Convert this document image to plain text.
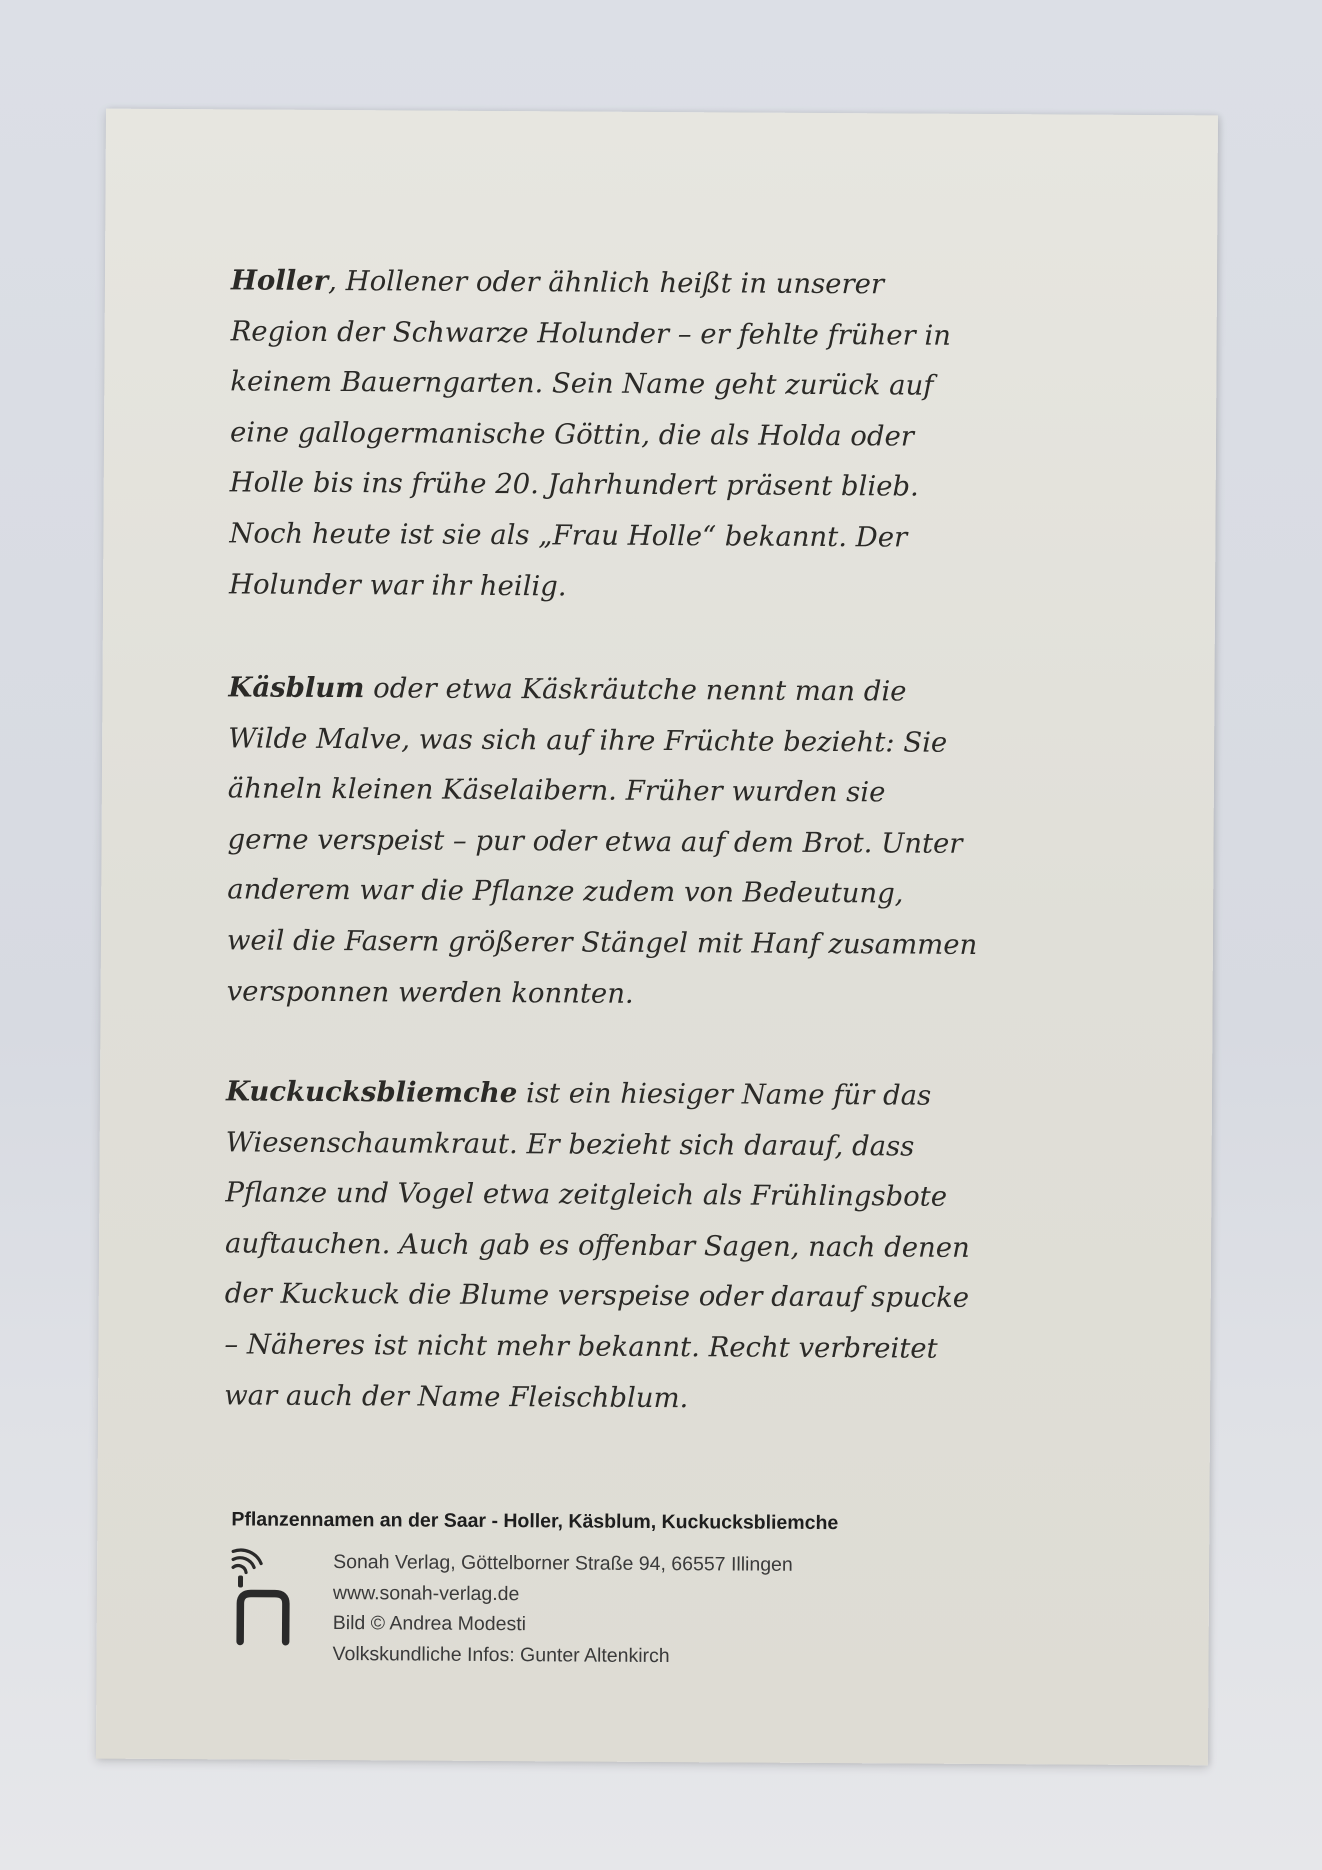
Holler, Hollener oder ähnlich heißt in unserer
Region der Schwarze Holunder – er fehlte früher in
keinem Bauerngarten. Sein Name geht zurück auf
eine gallogermanische Göttin, die als Holda oder
Holle bis ins frühe 20. Jahrhundert präsent blieb.
Noch heute ist sie als „Frau Holle“ bekannt. Der
Holunder war ihr heilig.
Käsblum oder etwa Käskräutche nennt man die
Wilde Malve, was sich auf ihre Früchte bezieht: Sie
ähneln kleinen Käselaibern. Früher wurden sie
gerne verspeist – pur oder etwa auf dem Brot. Unter
anderem war die Pflanze zudem von Bedeutung,
weil die Fasern größerer Stängel mit Hanf zusammen
versponnen werden konnten.
Kuckucksbliemche ist ein hiesiger Name für das
Wiesenschaumkraut. Er bezieht sich darauf, dass
Pflanze und Vogel etwa zeitgleich als Frühlingsbote
auftauchen. Auch gab es offenbar Sagen, nach denen
der Kuckuck die Blume verspeise oder darauf spucke
– Näheres ist nicht mehr bekannt. Recht verbreitet
war auch der Name Fleischblum.
Pflanzennamen an der Saar - Holler, Käsblum, Kuckucksbliemche
Sonah Verlag, Göttelborner Straße 94, 66557 Illingen
www.sonah-verlag.de
Bild © Andrea Modesti
Volkskundliche Infos: Gunter Altenkirch
